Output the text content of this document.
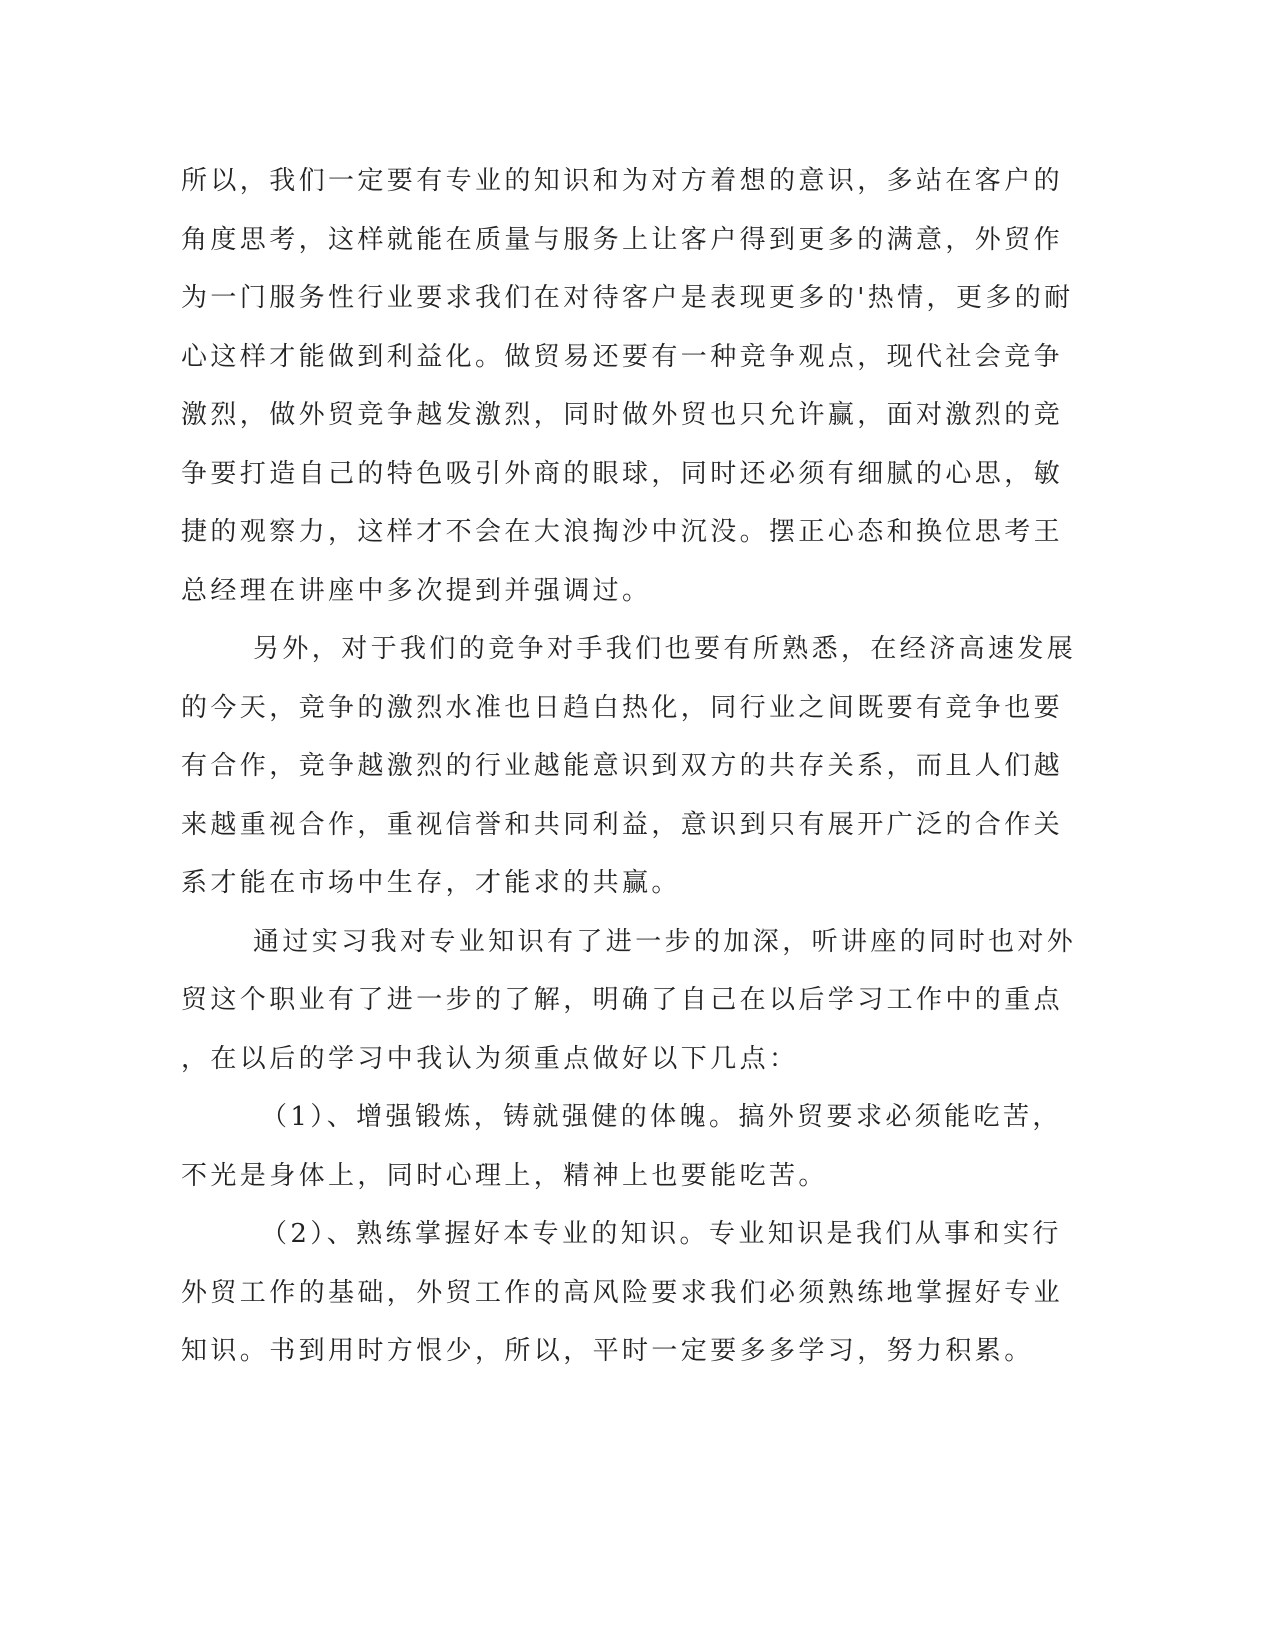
所以，我们一定要有专业的知识和为对方着想的意识，多站在客户的
角度思考，这样就能在质量与服务上让客户得到更多的满意，外贸作
为一门服务性行业要求我们在对待客户是表现更多的'热情，更多的耐
心这样才能做到利益化。做贸易还要有一种竞争观点，现代社会竞争
激烈，做外贸竞争越发激烈，同时做外贸也只允许赢，面对激烈的竞
争要打造自己的特色吸引外商的眼球，同时还必须有细腻的心思，敏
捷的观察力，这样才不会在大浪掏沙中沉没。摆正心态和换位思考王
总经理在讲座中多次提到并强调过。
另外，对于我们的竞争对手我们也要有所熟悉，在经济高速发展
的今天，竞争的激烈水准也日趋白热化，同行业之间既要有竞争也要
有合作，竞争越激烈的行业越能意识到双方的共存关系，而且人们越
来越重视合作，重视信誉和共同利益，意识到只有展开广泛的合作关
系才能在市场中生存，才能求的共赢。
通过实习我对专业知识有了进一步的加深，听讲座的同时也对外
贸这个职业有了进一步的了解，明确了自己在以后学习工作中的重点
，在以后的学习中我认为须重点做好以下几点：
（1）、增强锻炼，铸就强健的体魄。搞外贸要求必须能吃苦，
不光是身体上，同时心理上，精神上也要能吃苦。
（2）、熟练掌握好本专业的知识。专业知识是我们从事和实行
外贸工作的基础，外贸工作的高风险要求我们必须熟练地掌握好专业
知识。书到用时方恨少，所以，平时一定要多多学习，努力积累。
